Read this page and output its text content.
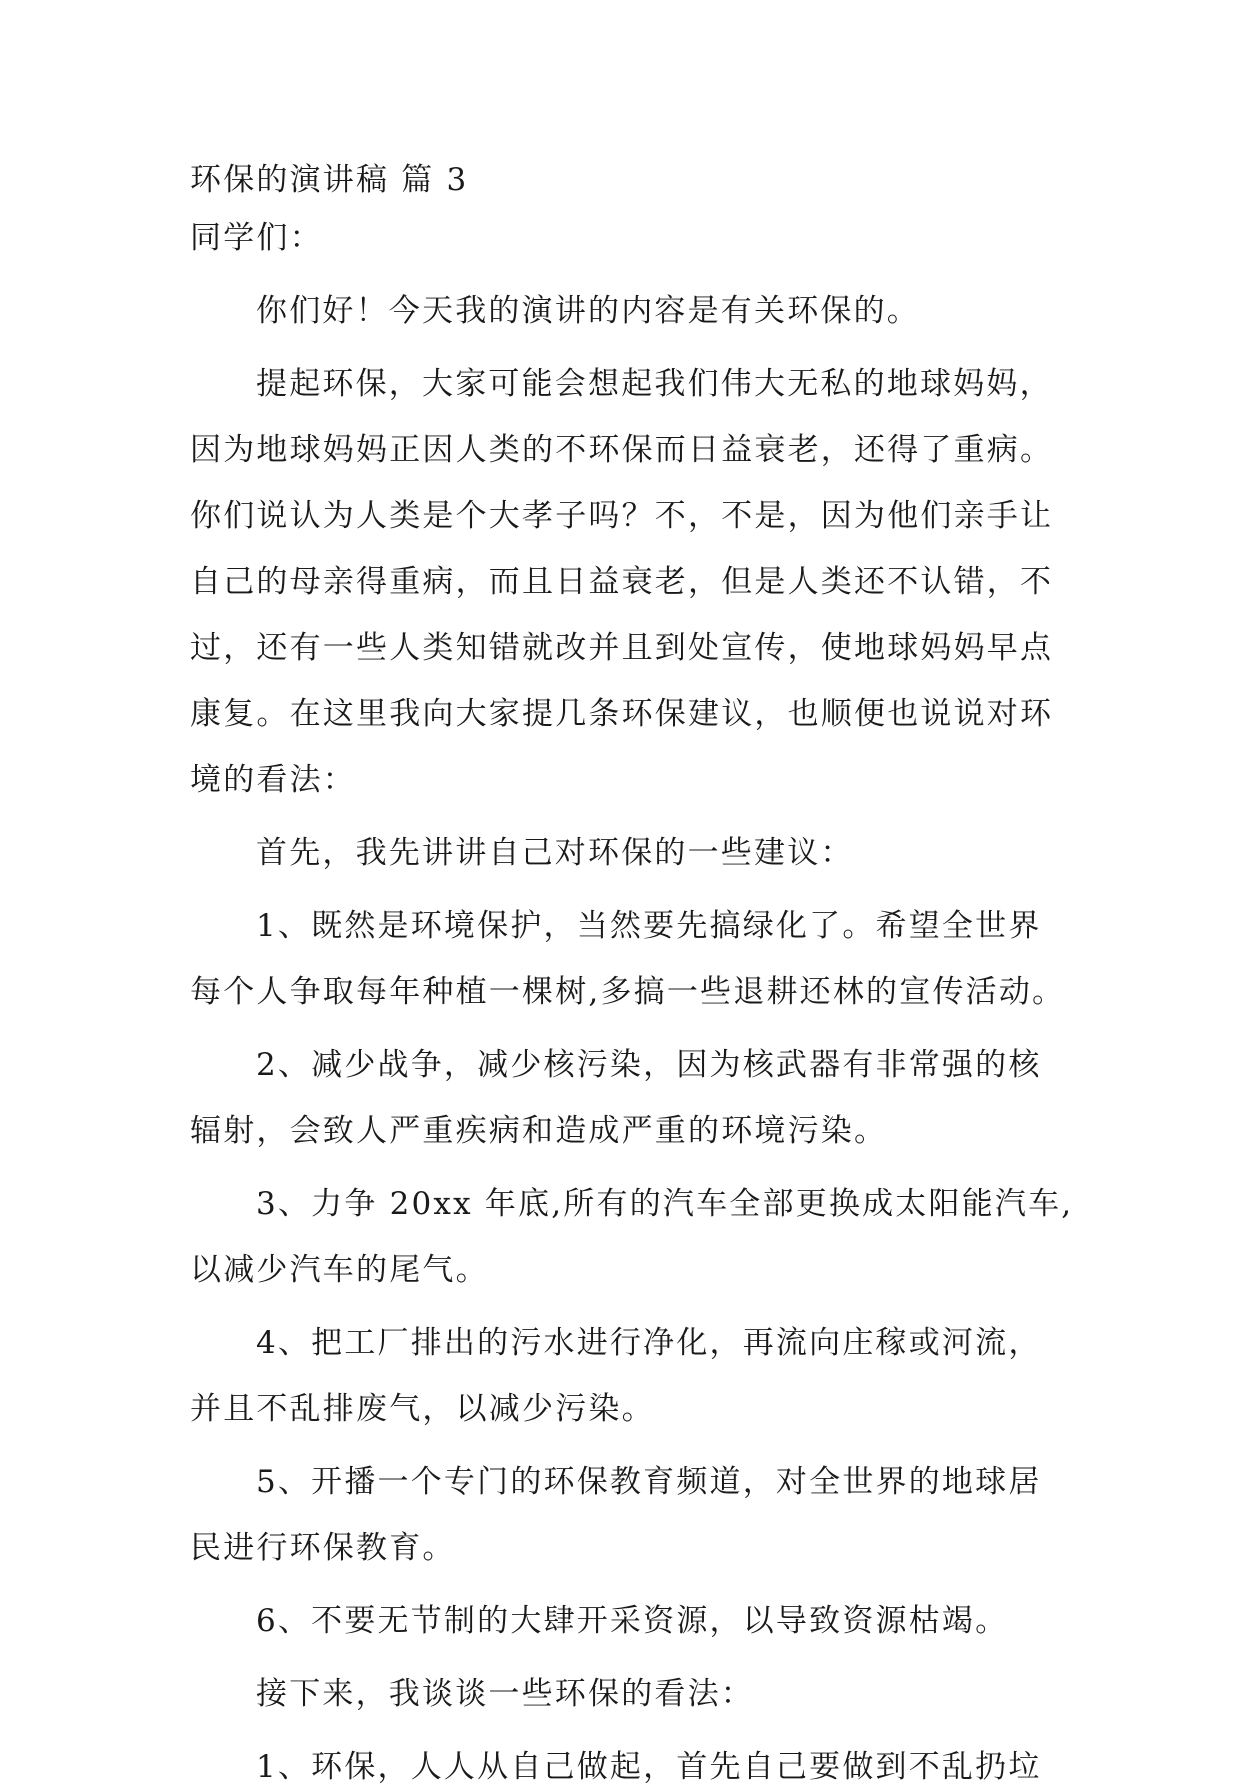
环保的演讲稿 篇 3
同学们：
你们好！今天我的演讲的内容是有关环保的。
提起环保，大家可能会想起我们伟大无私的地球妈妈，
因为地球妈妈正因人类的不环保而日益衰老，还得了重病。
你们说认为人类是个大孝子吗？不，不是，因为他们亲手让
自己的母亲得重病，而且日益衰老，但是人类还不认错，不
过，还有一些人类知错就改并且到处宣传，使地球妈妈早点
康复。在这里我向大家提几条环保建议，也顺便也说说对环
境的看法：
首先，我先讲讲自己对环保的一些建议：
1、既然是环境保护，当然要先搞绿化了。希望全世界
每个人争取每年种植一棵树,多搞一些退耕还林的宣传活动。
2、减少战争，减少核污染，因为核武器有非常强的核
辐射，会致人严重疾病和造成严重的环境污染。
3、力争 20xx 年底,所有的汽车全部更换成太阳能汽车,
以减少汽车的尾气。
4、把工厂排出的污水进行净化，再流向庄稼或河流，
并且不乱排废气，以减少污染。
5、开播一个专门的环保教育频道，对全世界的地球居
民进行环保教育。
6、不要无节制的大肆开采资源，以导致资源枯竭。
接下来，我谈谈一些环保的看法：
1、环保，人人从自己做起，首先自己要做到不乱扔垃
